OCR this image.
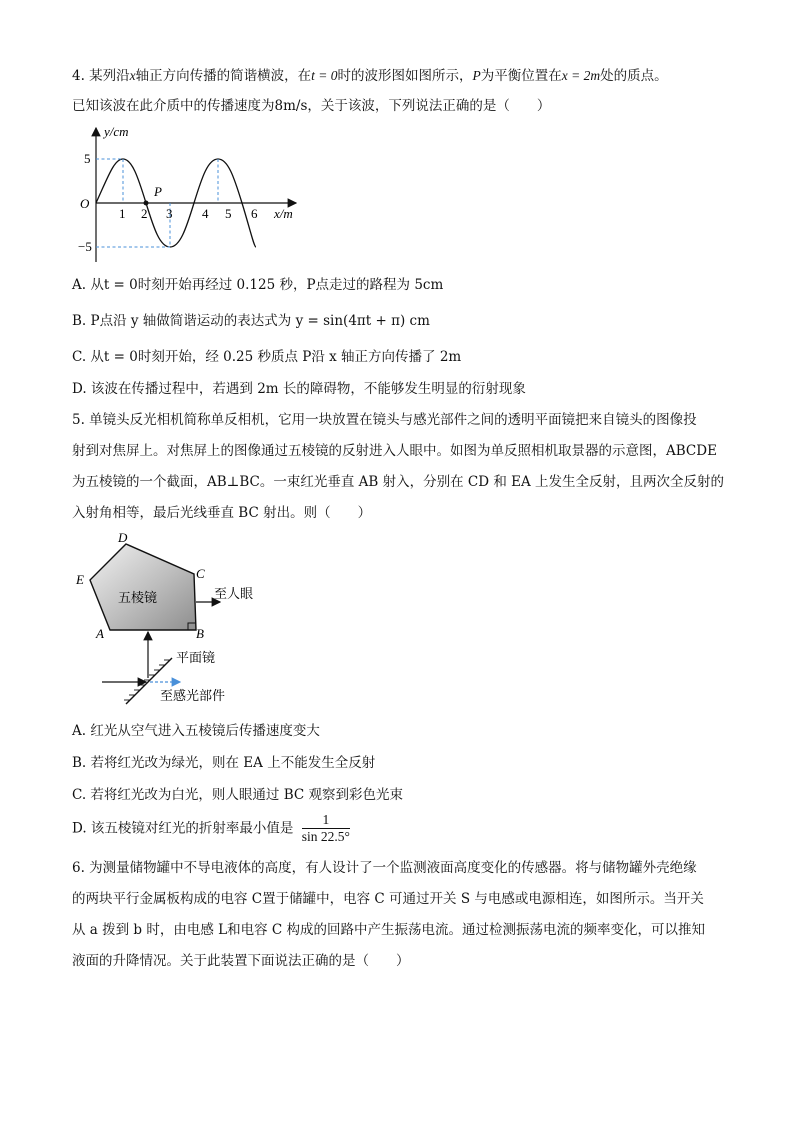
4. 某列沿x轴正方向传播的简谐横波，在t = 0时的波形图如图所示，P为平衡位置在x = 2m处的质点。
已知该波在此介质中的传播速度为8m/s，关于该波，下列说法正确的是（　　）
y/cm
x/m
O
5
−5
1 2 3 4 5 6
P
A. 从t = 0时刻开始再经过 0.125 秒，P点走过的路程为 5cm
B. P点沿 y 轴做简谐运动的表达式为 y = sin(4πt + π) cm
C. 从t = 0时刻开始，经 0.25 秒质点 P沿 x 轴正方向传播了 2m
D. 该波在传播过程中，若遇到 2m 长的障碍物，不能够发生明显的衍射现象
5. 单镜头反光相机简称单反相机，它用一块放置在镜头与感光部件之间的透明平面镜把来自镜头的图像投
射到对焦屏上。对焦屏上的图像通过五棱镜的反射进入人眼中。如图为单反照相机取景器的示意图，ABCDE
为五棱镜的一个截面，AB⊥BC。一束红光垂直 AB 射入，分别在 CD 和 EA 上发生全反射，且两次全反射的
入射角相等，最后光线垂直 BC 射出。则（　　）
D
E	C
A	B
五棱镜	至人眼
平面镜
至感光部件
A. 红光从空气进入五棱镜后传播速度变大
B. 若将红光改为绿光，则在 EA 上不能发生全反射
C. 若将红光改为白光，则人眼通过 BC 观察到彩色光束
D. 该五棱镜对红光的折射率最小值是 $\frac{1}{\sin 22.5^\circ}$
6. 为测量储物罐中不导电液体的高度，有人设计了一个监测液面高度变化的传感器。将与储物罐外壳绝缘
的两块平行金属板构成的电容 C置于储罐中，电容 C 可通过开关 S 与电感或电源相连，如图所示。当开关
从 a 拨到 b 时，由电感 L和电容 C 构成的回路中产生振荡电流。通过检测振荡电流的频率变化，可以推知
液面的升降情况。关于此装置下面说法正确的是（　　）
